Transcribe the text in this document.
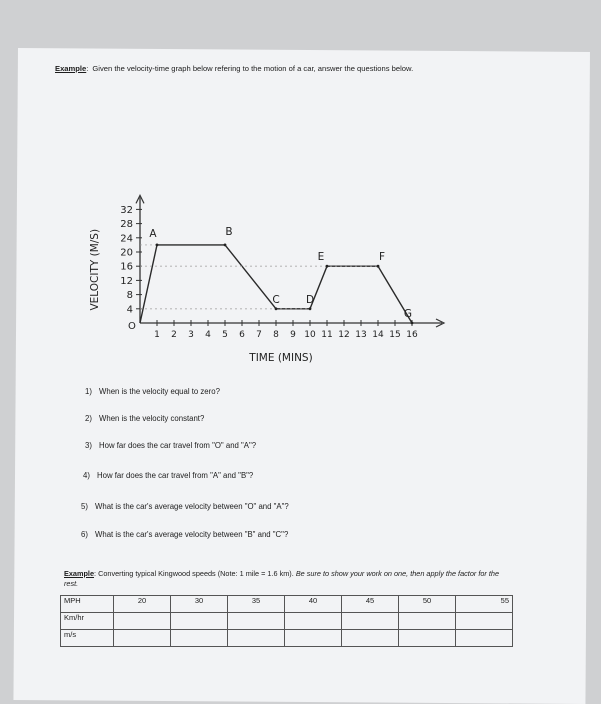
Example: Given the velocity-time graph below refering to the motion of a car, answer the questions below.
4
8
12
16
20
24
28
32
1 2 3 4 5 6 7 8 9 10 11 12 13 14 15 16
O
TIME (MINS)
VELOCITY (M/S)	A	B
C	D
E	F
G
1) When is the velocity equal to zero?
2) When is the velocity constant?
3) How far does the car travel from "O" and "A"?
4) How far does the car travel from "A" and "B"?
5) What is the car's average velocity between "O" and "A"?
6) What is the car's average velocity between "B" and "C"?
Example: Converting typical Kingwood speeds (Note: 1 mile = 1.6 km). Be sure to show your work on one, then apply the factor for the rest.
MPH	20	30	35	40	45	50	55
Km/hr							
m/s							
